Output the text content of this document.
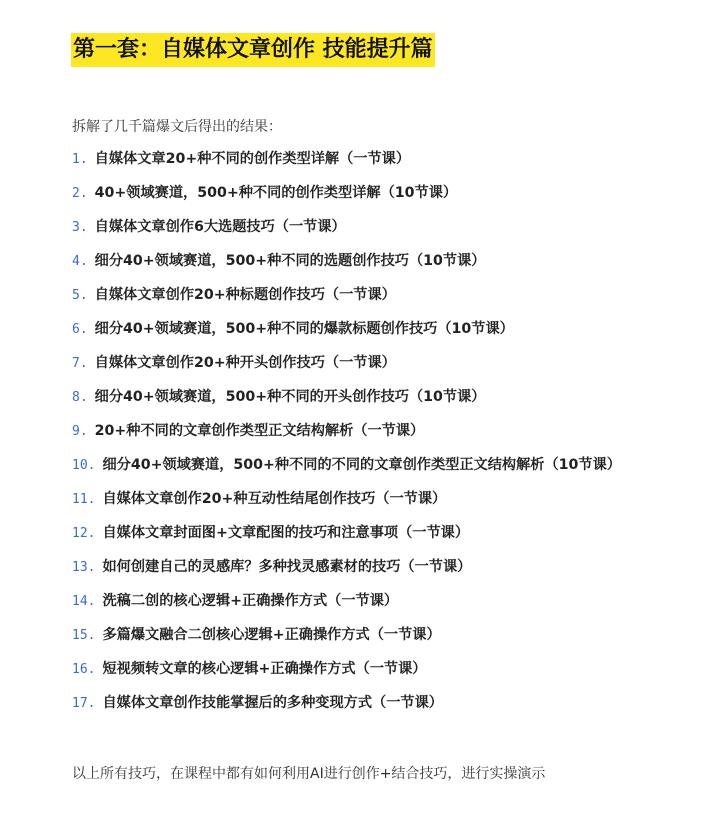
第一套：自媒体文章创作 技能提升篇
拆解了几千篇爆文后得出的结果：
1. 自媒体文章20+种不同的创作类型详解（一节课）
2. 40+领域赛道，500+种不同的创作类型详解（10节课）
3. 自媒体文章创作6大选题技巧（一节课）
4. 细分40+领域赛道，500+种不同的选题创作技巧（10节课）
5. 自媒体文章创作20+种标题创作技巧（一节课）
6. 细分40+领域赛道，500+种不同的爆款标题创作技巧（10节课）
7. 自媒体文章创作20+种开头创作技巧（一节课）
8. 细分40+领域赛道，500+种不同的开头创作技巧（10节课）
9. 20+种不同的文章创作类型正文结构解析（一节课）
10. 细分40+领域赛道，500+种不同的不同的文章创作类型正文结构解析（10节课）
11. 自媒体文章创作20+种互动性结尾创作技巧（一节课）
12. 自媒体文章封面图+文章配图的技巧和注意事项（一节课）
13. 如何创建自己的灵感库？多种找灵感素材的技巧（一节课）
14. 洗稿二创的核心逻辑+正确操作方式（一节课）
15. 多篇爆文融合二创核心逻辑+正确操作方式（一节课）
16. 短视频转文章的核心逻辑+正确操作方式（一节课）
17. 自媒体文章创作技能掌握后的多种变现方式（一节课）
以上所有技巧，在课程中都有如何利用AI进行创作+结合技巧，进行实操演示
